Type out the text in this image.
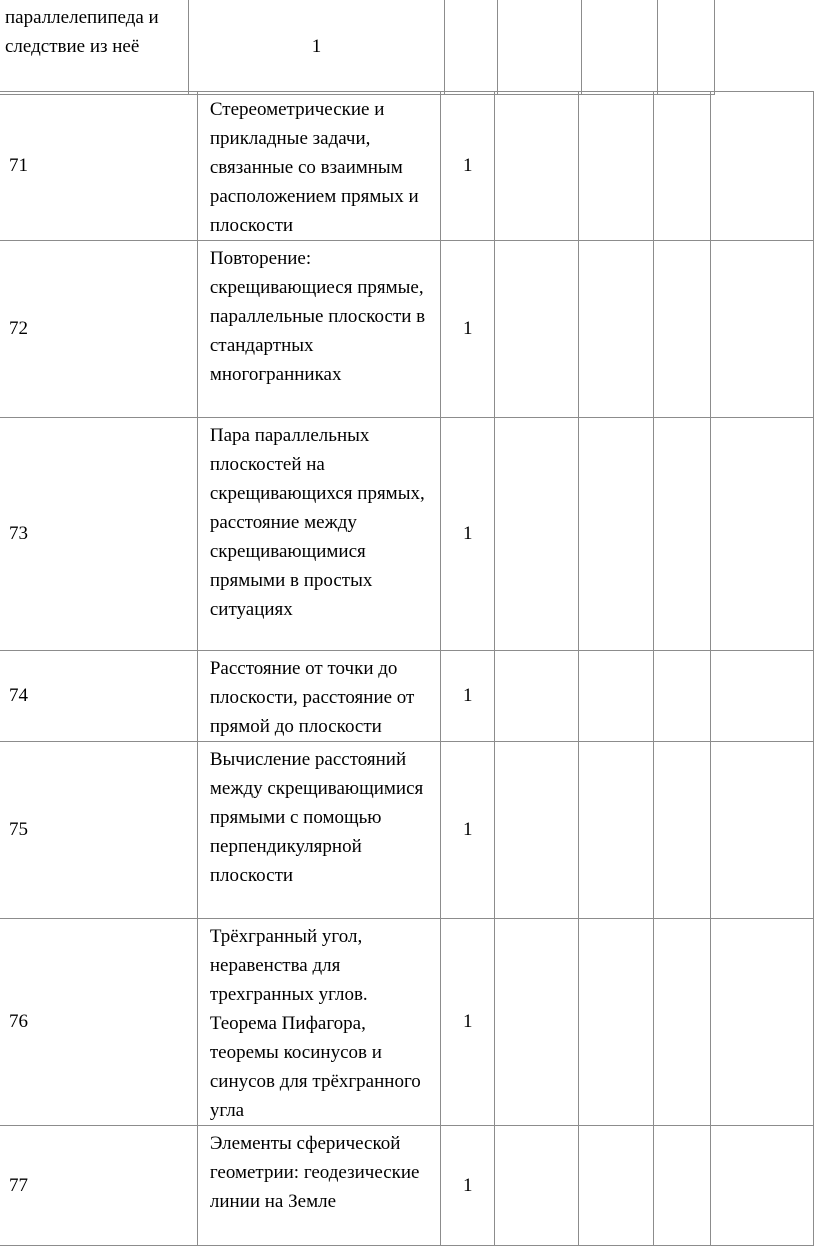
параллелепипеда и следствие из неё	1				
71	Стереометрические и прикладные задачи, связанные со взаимным расположением прямых и плоскости	1				
72	Повторение: скрещивающиеся прямые, параллельные плоскости в стандартных многогранниках	1				
73	Пара параллельных плоскостей на скрещивающихся прямых, расстояние между скрещивающимися прямыми в простых ситуациях	1				
74	Расстояние от точки до плоскости, расстояние от прямой до плоскости	1				
75	Вычисление расстояний между скрещивающимися прямыми с помощью перпендикулярной плоскости	1				
76	Трёхгранный угол, неравенства для трехгранных углов. Теорема Пифагора, теоремы косинусов и синусов для трёхгранного угла	1				
77	Элементы сферической геометрии: геодезические линии на Земле	1				
